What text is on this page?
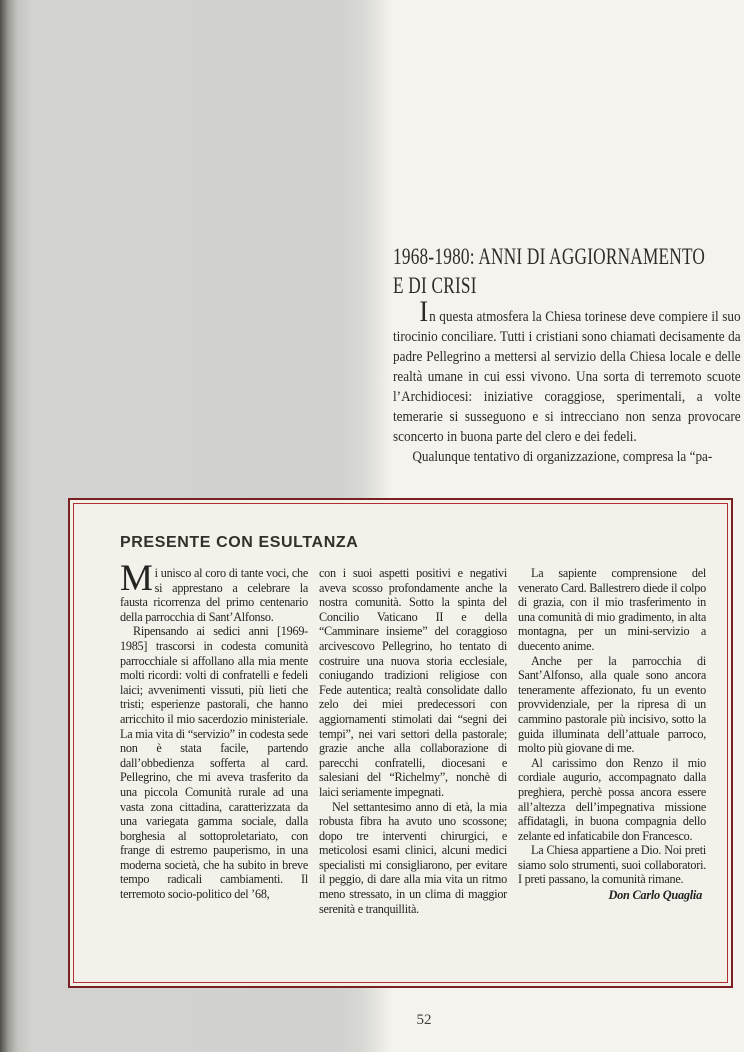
1968-1980: ANNI DI AGGIORNAMENTO
E DI CRISI

In questa atmosfera la Chiesa torinese deve compiere il suo tirocinio conciliare. Tutti i cristiani sono chiamati decisamente da padre Pellegrino a mettersi al servizio della Chiesa locale e delle realtà umane in cui essi vivono. Una sorta di terremoto scuote l’Archidiocesi: iniziative coraggiose, sperimentali, a volte temerarie si susseguono e si intrecciano non senza provocare sconcerto in buona parte del clero e dei fedeli.

Qualunque tentativo di organizzazione, compresa la “pa-

PRESENTE CON ESULTANZA

Mi unisco al coro di tante voci, che si apprestano a celebrare la fausta ricorrenza del primo centenario della parrocchia di Sant’Alfonso.

Ripensando ai sedici anni [1969-1985] trascorsi in codesta comunità parrocchiale si affollano alla mia mente molti ricordi: volti di confratelli e fedeli laici; avvenimenti vissuti, più lieti che tristi; esperienze pastorali, che hanno arricchito il mio sacerdozio ministeriale. La mia vita di “servizio” in codesta sede non è stata facile, partendo dall’obbedienza sofferta al card. Pellegrino, che mi aveva trasferito da una piccola Comunità rurale ad una vasta zona cittadina, caratterizzata da una variegata gamma sociale, dalla borghesia al sottoproletariato, con frange di estremo pauperismo, in una moderna società, che ha subito in breve tempo radicali cambiamenti. Il terremoto socio-politico del ’68,

con i suoi aspetti positivi e negativi aveva scosso profondamente anche la nostra comunità. Sotto la spinta del Concilio Vaticano II e della “Camminare insieme” del coraggioso arcivescovo Pellegrino, ho tentato di costruire una nuova storia ecclesiale, coniugando tradizioni religiose con Fede autentica; realtà consolidate dallo zelo dei miei predecessori con aggiornamenti stimolati dai “segni dei tempi”, nei vari settori della pastorale; grazie anche alla collaborazione di parecchi confratelli, diocesani e salesiani del “Richelmy”, nonchè di laici seriamente impegnati.

Nel settantesimo anno di età, la mia robusta fibra ha avuto uno scossone; dopo tre interventi chirurgici, e meticolosi esami clinici, alcuni medici specialisti mi consigliarono, per evitare il peggio, di dare alla mia vita un ritmo meno stressato, in un clima di maggior serenità e tranquillità.

La sapiente comprensione del venerato Card. Ballestrero diede il colpo di grazia, con il mio trasferimento in una comunità di mio gradimento, in alta montagna, per un mini-servizio a duecento anime.

Anche per la parrocchia di Sant’Alfonso, alla quale sono ancora teneramente affezionato, fu un evento provvidenziale, per la ripresa di un cammino pastorale più incisivo, sotto la guida illuminata dell’attuale parroco, molto più giovane di me.

Al carissimo don Renzo il mio cordiale augurio, accompagnato dalla preghiera, perchè possa ancora essere all’altezza dell’impegnativa missione affidatagli, in buona compagnia dello zelante ed infaticabile don Francesco.

La Chiesa appartiene a Dio. Noi preti siamo solo strumenti, suoi collaboratori. I preti passano, la comunità rimane.

Don Carlo Quaglia

52
